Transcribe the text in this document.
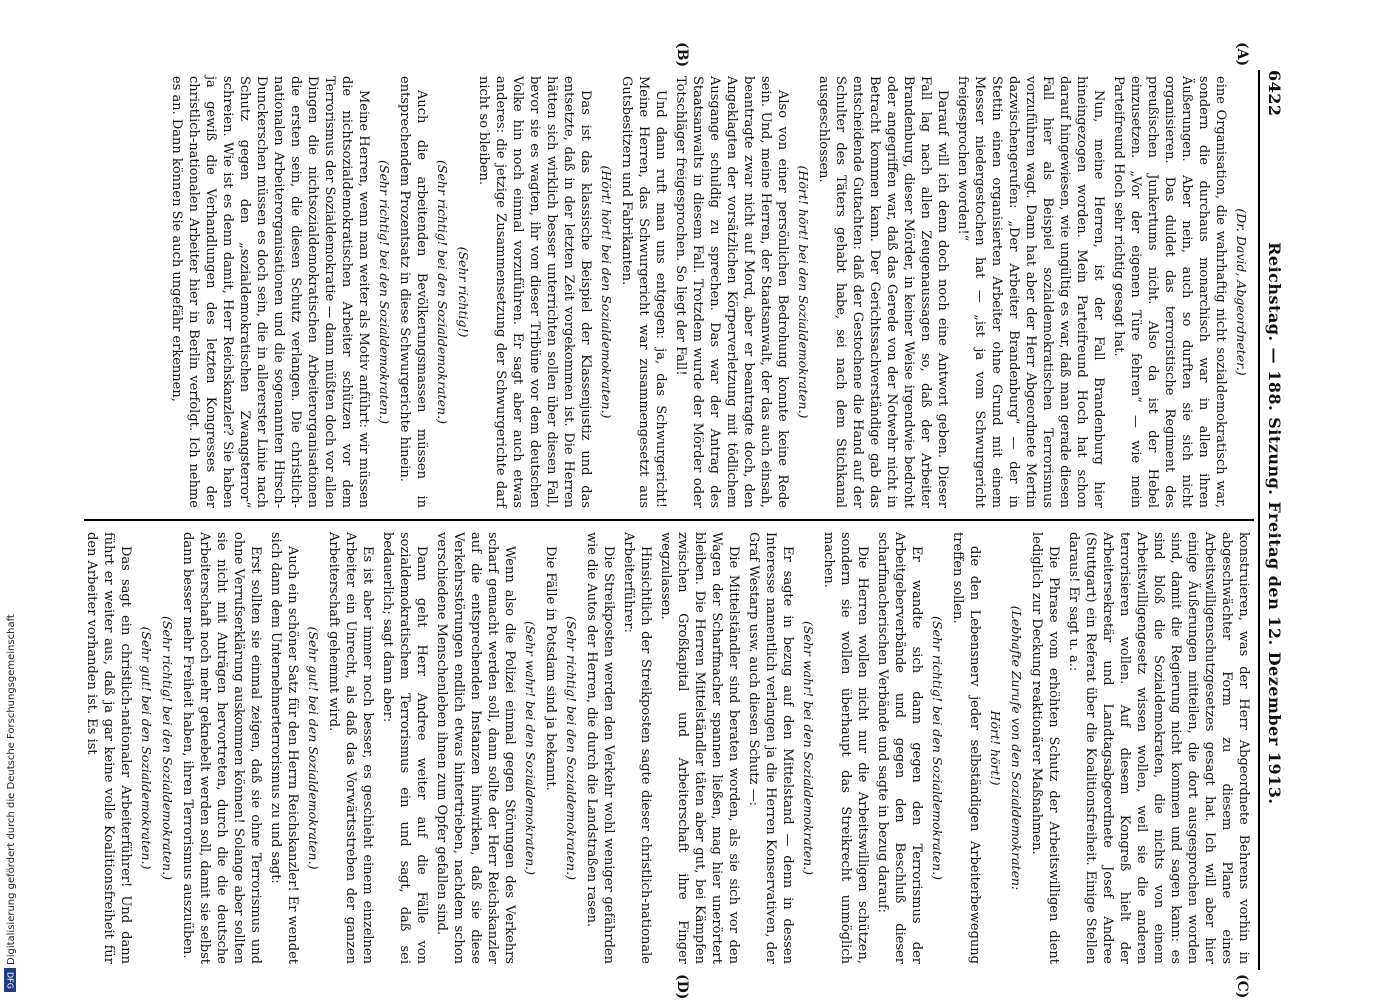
6422
Reichstag. — 188. Sitzung. Freitag den 12. Dezember 1913.
(A)
(B)
(C)
(D)

(Dr. David, Abgeordneter.)

eine Organisation, die wahrhaftig nicht sozialdemokratisch war, sondern die durchaus monarchisch war in allen ihren Äußerungen. Aber nein, auch so durften sie sich nicht organisieren. Das duldet das terroristische Regiment des preußischen Junkertums nicht. Also da ist der Hebel einzusetzen. „Vor der eigenen Türe fehren“ — wie mein Parteifreund Hoch sehr richtig gesagt hat.

Nun, meine Herren, ist der Fall Brandenburg hier hineingezogen worden. Mein Parteifreund Hoch hat schon darauf hingewiesen, wie ungültig es war, daß man gerade diesen Fall hier als Beispiel sozialdemokratischen Terrorismus vorzuführen wagt. Dann hat aber der Herr Abgeordnete Mertin dazwischengerufen: „Der Arbeiter Brandenburg“ — der in Stettin einen organisierten Arbeiter ohne Grund mit einem Messer niedergestochen hat — „ist ja vom Schwurgericht freigesprochen worden!“

Darauf will ich denn doch noch eine Antwort geben. Dieser Fall lag nach allen Zeugenaussagen so, daß der Arbeiter Brandenburg, dieser Mörder, in keiner Weise irgendwie bedroht oder angegriffen war, daß das Gerede von der Notwehr nicht in Betracht kommen kann. Der Gerichtssachverständige gab das entscheidende Gutachten: daß der Gestochene die Hand auf der Schulter des Täters gehabt habe, sei nach dem Stichkanal ausgeschlossen.

(Hört! hört! bei den Sozialdemokraten.)

Also von einer persönlichen Bedrohung konnte keine Rede sein. Und, meine Herren, der Staatsanwalt, der das auch einsah, beantragte zwar nicht auf Mord, aber er beantragte doch, den Angeklagten der vorsätzlichen Körperverletzung mit tödlichem Ausgange schuldig zu sprechen. Das war der Antrag des Staatsanwalts in diesem Fall. Trotzdem wurde der Mörder oder Totschläger freigesprochen. So liegt der Fall!

Und dann ruft man uns entgegen: ja, das Schwurgericht! Meine Herren, das Schwurgericht war zusammengesetzt aus Gutsbesitzern und Fabrikanten.

(Hört! hört! bei den Sozialdemokraten.)

Das ist das klassische Beispiel der Klassenjustiz und das entsetzte, daß in der letzten Zeit vorgekommen ist. Die Herren hätten sich wirklich besser unterrichten sollen über diesen Fall, bevor sie es wagten, ihr von dieser Tribüne vor dem deutschen Volke hin noch einmal vorzuführen. Er sagt aber auch etwas anderes: die jetzige Zusammensetzung der Schwurgerichte darf nicht so bleiben.

(Sehr richtig!)

(Sehr richtig! bei den Sozialdemokraten.)

Auch die arbeitenden Bevölkerungsmassen müssen in entsprechendem Prozentsatz in diese Schwurgerichte hinein.

(Sehr richtig! bei den Sozialdemokraten.)

Meine Herren, wenn man weiter als Motiv anführt: wir müssen die nichtsozialdemokratischen Arbeiter schützen vor dem Terrorismus der Sozialdemokratie — dann müßten doch vor allen Dingen die nichtsozialdemokratischen Arbeiterorganisationen die ersten sein, die diesen Schutz verlangen. Die christlich-nationalen Arbeiterorganisationen und die sogenannten Hirsch-Dunckerschen müssen es doch sein, die in allererster Linie nach Schutz gegen den „sozialdemokratischen Zwangsterror“ schreien. Wie ist es denn damit, Herr Reichskanzler? Sie haben ja gewiß die Verhandlungen des letzten Kongresses der christlich-nationalen Arbeiter hier in Berlin verfolgt. Ich nehme es an. Dann können Sie auch ungefähr erkennen,

konstruieren, was der Herr Abgeordnete Behrens vorhin in abgeschwächter Form zu diesem Plane eines Arbeitswilligenschutzgesetzes gesagt hat. Ich will aber hier einige Äußerungen mitteilen, die dort ausgesprochen worden sind, damit die Regierung nicht kommen und sagen kann: es sind bloß die Sozialdemokraten, die nichts von einem Arbeitswilligengesetz wissen wollen, weil sie die anderen terrorisieren wollen. Auf diesem Kongreß hielt der Arbeitersekretär und Landtagsabgeordnete Josef Andree (Stuttgart) ein Referat über die Koalitionsfreiheit. Einige Stellen daraus! Er sagt u. a.:

Die Phrase vom erhöhten Schutz der Arbeitswilligen dient lediglich zur Deckung reaktionärer Maßnahmen.

(Lebhafte Zurufe von den Sozialdemokraten:

Hört! hört!)

die den Lebensnerv jeder selbständigen Arbeiterbewegung treffen sollen.

(Sehr richtig! bei den Sozialdemokraten.)

Er wandte sich dann gegen den Terrorismus der Arbeitgeberverbände und gegen den Beschluß dieser scharfmacherischen Verbände und sagte in bezug darauf:

Die Herren wollen nicht nur die Arbeitswilligen schützen, sondern sie wollen überhaupt das Streikrecht unmöglich machen.

(Sehr wahr! bei den Sozialdemokraten.)

Er sagte in bezug auf den Mittelstand — denn in dessen Interesse namentlich verlangen ja die Herren Konservativen, der Graf Westarp usw. auch diesen Schutz —:

Die Mittelständler sind beraten worden, als sie sich vor den Wagen der Scharfmacher spannen ließen, mag hier unerörtert bleiben. Die Herren Mittelständler täten aber gut, bei Kämpfen zwischen Großkapital und Arbeiterschaft ihre Finger wegzulassen.

Hinsichtlich der Streikposten sagte dieser christlich-nationale Arbeiterführer:

Die Streikposten werden den Verkehr wohl weniger gefährden wie die Autos der Herren, die durch die Landstraßen rasen.

(Sehr richtig! bei den Sozialdemokraten.)

Die Fälle in Potsdam sind ja bekannt.

(Sehr wahr! bei den Sozialdemokraten.)

Wenn also die Polizei einmal gegen Störungen des Verkehrs scharf gemacht werden soll, dann sollte der Herr Reichskanzler auf die entsprechenden Instanzen hinwirken, daß sie diese Verkehrsstörungen endlich etwas hintertrieben, nachdem schon verschiedene Menschenleben ihnen zum Opfer gefallen sind.

Dann geht Herr Andree weiter auf die Fälle von sozialdemokratischem Terrorismus ein und sagt, daß sei bedauerlich; sagt dann aber:

Es ist aber immer noch besser, es geschieht einem einzelnen Arbeiter ein Unrecht, als daß das Vorwärtsstreben der ganzen Arbeiterschaft gehemmt wird.

(Sehr gut! bei den Sozialdemokraten.)

Auch ein schöner Satz für den Herrn Reichskanzler! Er wendet sich dann dem Unternehmerterrorismus zu und sagt:

Erst sollten sie einmal zeigen, daß sie ohne Terrorismus und ohne Verrufserklärung auskommen können! Solange aber sollten sie nicht mit Anträgen hervortreten, durch die die deutsche Arbeiterschaft noch mehr geknebelt werden soll, damit sie selbst dann besser mehr Freiheit haben, ihren Terrorismus auszuüben.

(Sehr richtig! bei den Sozialdemokraten.)

(Sehr gut! bei den Sozialdemokraten.)

Das sagt ein christlich-nationaler Arbeiterführer! Und dann führt er weiter aus, daß ja gar keine volle Koalitionsfreiheit für den Arbeiter vorhanden ist. Es ist

Digitalisierung gefördert durch die Deutsche Forschungsgemeinschaft
DFG
